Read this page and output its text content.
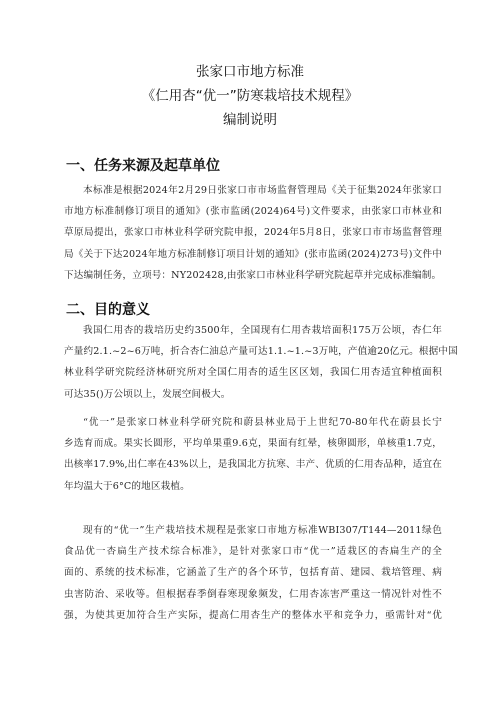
张家口市地方标准
《仁用杏“优一”防寒栽培技术规程》
编制说明
一、任务来源及起草单位
本标准是根据2024年2月29日张家口市市场监督管理局《关于征集2024年张家口
市地方标准制修订项目的通知》(张市监函(2024)64号)文件要求，由张家口市林业和
草原局提出，张家口市林业科学研究院申报，2024年5月8日，张家口市市场监督管理
局《关于下达2024年地方标准制修订项目计划的通知》(张市监函(2024)273号)文件中
下达编制任务，立项号：NY202428,由张家口市林业科学研究院起草并完成标准编制。
二、目的意义
我国仁用杏的栽培历史约3500年，全国现有仁用杏栽培面积175万公顷，杏仁年
产量约2.1.~2~6万吨，折合杏仁油总产量可达1.1.~1.~3万吨，产值逾20亿元。根据中国
林业科学研究院经济林研究所对全国仁用杏的适生区区划，我国仁用杏适宜种植面积
可达35()万公顷以上，发展空间极大。
“优一”是张家口林业科学研究院和蔚县林业局于上世纪70-80年代在蔚县长宁
乡选育而成。果实长圆形，平均单果重9.6克，果面有红晕，核卵圆形，单核重1.7克，
出核率17.9%,出仁率在43%以上，是我国北方抗寒、丰产、优质的仁用杏品种，适宜在
年均温大于6°C的地区栽植。
现有的“优一”生产栽培技术规程是张家口市地方标准WBI307/T144—2011绿色
食品优一杏扁生产技术综合标准》，是针对张家口市“优一”适栽区的杏扁生产的全
面的、系统的技术标准，它涵盖了生产的各个环节，包括育苗、建园、栽培管理、病
虫害防治、采收等。但根据春季倒春寒现象频发，仁用杏冻害严重这一情况针对性不
强，为使其更加符合生产实际，提高仁用杏生产的整体水平和竞争力，亟需针对“优
